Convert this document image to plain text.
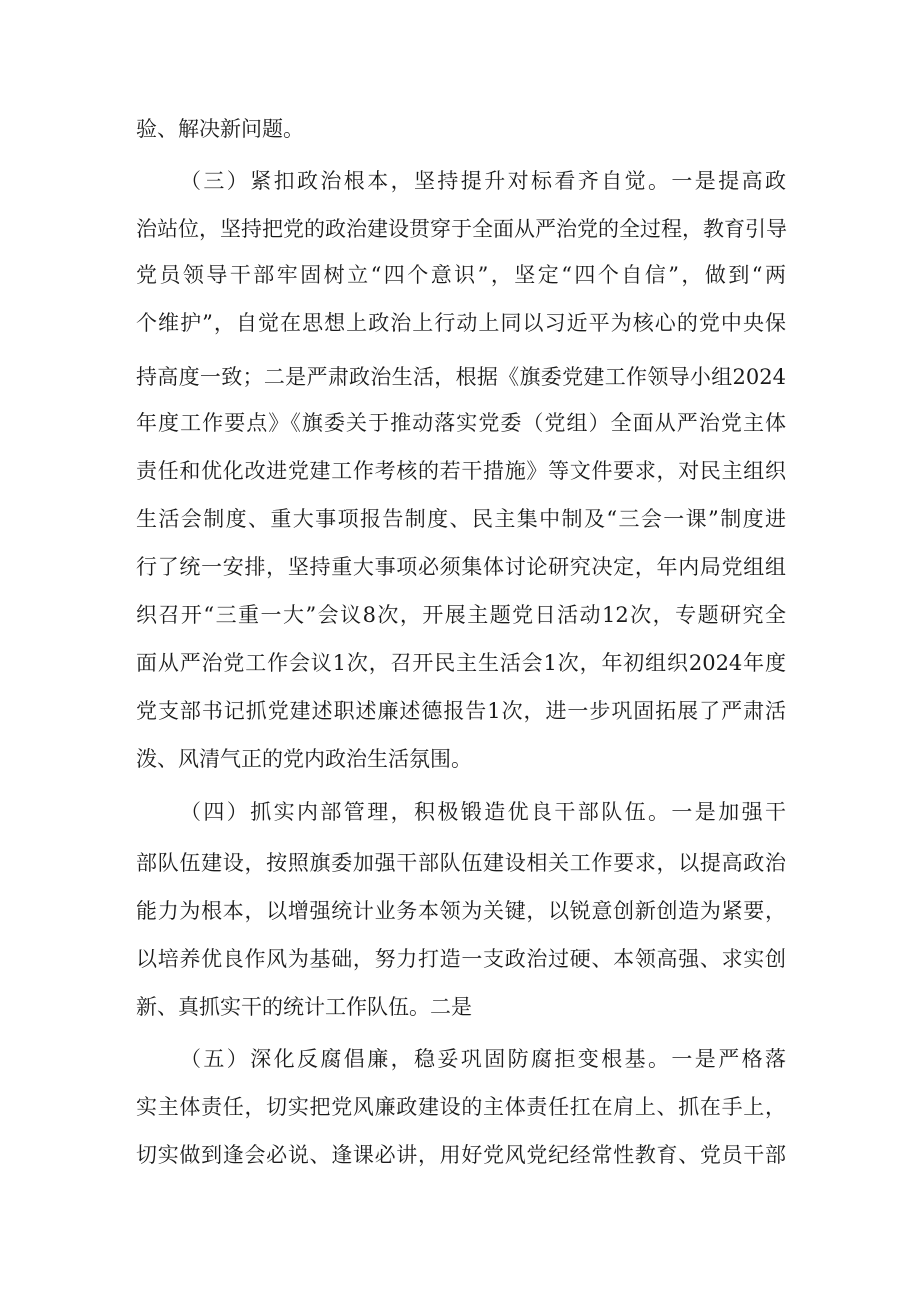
验、解决新问题。
（三）紧扣政治根本，坚持提升对标看齐自觉。一是提高政
治站位，坚持把党的政治建设贯穿于全面从严治党的全过程，教育引导
党员领导干部牢固树立“四个意识”，坚定“四个自信”，做到“两
个维护”，自觉在思想上政治上行动上同以习近平为核心的党中央保
持高度一致；二是严肃政治生活，根据《旗委党建工作领导小组2024
年度工作要点》《旗委关于推动落实党委（党组）全面从严治党主体
责任和优化改进党建工作考核的若干措施》等文件要求，对民主组织
生活会制度、重大事项报告制度、民主集中制及“三会一课”制度进
行了统一安排，坚持重大事项必须集体讨论研究决定，年内局党组组
织召开“三重一大”会议8次，开展主题党日活动12次，专题研究全
面从严治党工作会议1次，召开民主生活会1次，年初组织2024年度
党支部书记抓党建述职述廉述德报告1次，进一步巩固拓展了严肃活
泼、风清气正的党内政治生活氛围。
（四）抓实内部管理，积极锻造优良干部队伍。一是加强干
部队伍建设，按照旗委加强干部队伍建设相关工作要求，以提高政治
能力为根本，以增强统计业务本领为关键，以锐意创新创造为紧要，
以培养优良作风为基础，努力打造一支政治过硬、本领高强、求实创
新、真抓实干的统计工作队伍。二是
（五）深化反腐倡廉，稳妥巩固防腐拒变根基。一是严格落
实主体责任，切实把党风廉政建设的主体责任扛在肩上、抓在手上，
切实做到逢会必说、逢课必讲，用好党风党纪经常性教育、党员干部
